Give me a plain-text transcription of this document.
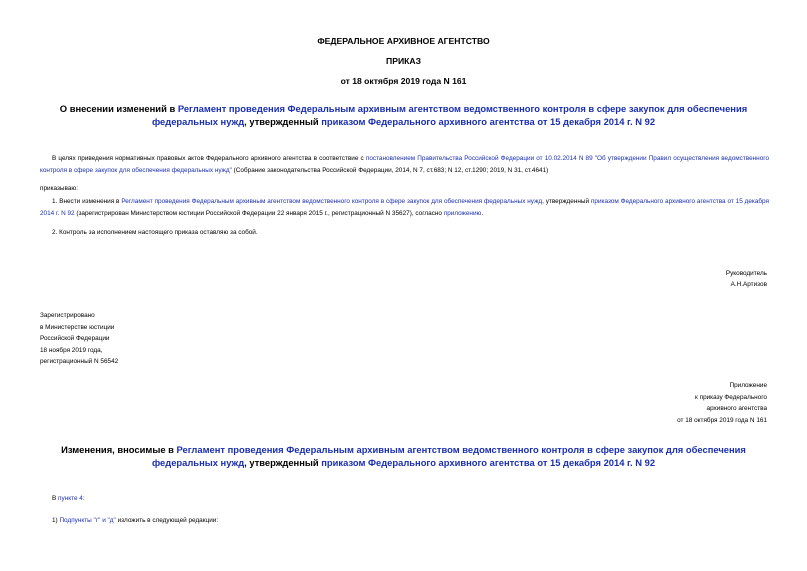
ФЕДЕРАЛЬНОЕ АРХИВНОЕ АГЕНТСТВО
ПРИКАЗ
от 18 октября 2019 года N 161
О внесении изменений в Регламент проведения Федеральным архивным агентством ведомственного контроля в сфере закупок для обеспечения федеральных нужд, утвержденный приказом Федерального архивного агентства от 15 декабря 2014 г. N 92
В целях приведения нормативных правовых актов Федерального архивного агентства в соответствие с постановлением Правительства Российской Федерации от 10.02.2014 N 89 "Об утверждении Правил осуществления ведомственного контроля в сфере закупок для обеспечения федеральных нужд" (Собрание законодательства Российской Федерации, 2014, N 7, ст.683; N 12, ст.1290; 2019, N 31, ст.4641)
приказываю:
1. Внести изменения в Регламент проведения Федеральным архивным агентством ведомственного контроля в сфере закупок для обеспечения федеральных нужд, утвержденный приказом Федерального архивного агентства от 15 декабря 2014 г. N 92 (зарегистрирован Министерством юстиции Российской Федерации 22 января 2015 г., регистрационный N 35627), согласно приложению.
2. Контроль за исполнением настоящего приказа оставляю за собой.
Руководитель
А.Н.Артизов
Зарегистрировано
в Министерстве юстиции
Российской Федерации
18 ноября 2019 года,
регистрационный N 56542
Приложение
к приказу Федерального
архивного агентства
от 18 октября 2019 года N 161
Изменения, вносимые в Регламент проведения Федеральным архивным агентством ведомственного контроля в сфере закупок для обеспечения федеральных нужд, утвержденный приказом Федерального архивного агентства от 15 декабря 2014 г. N 92
В пункте 4:
1) Подпункты "г" и "д" изложить в следующей редакции:
